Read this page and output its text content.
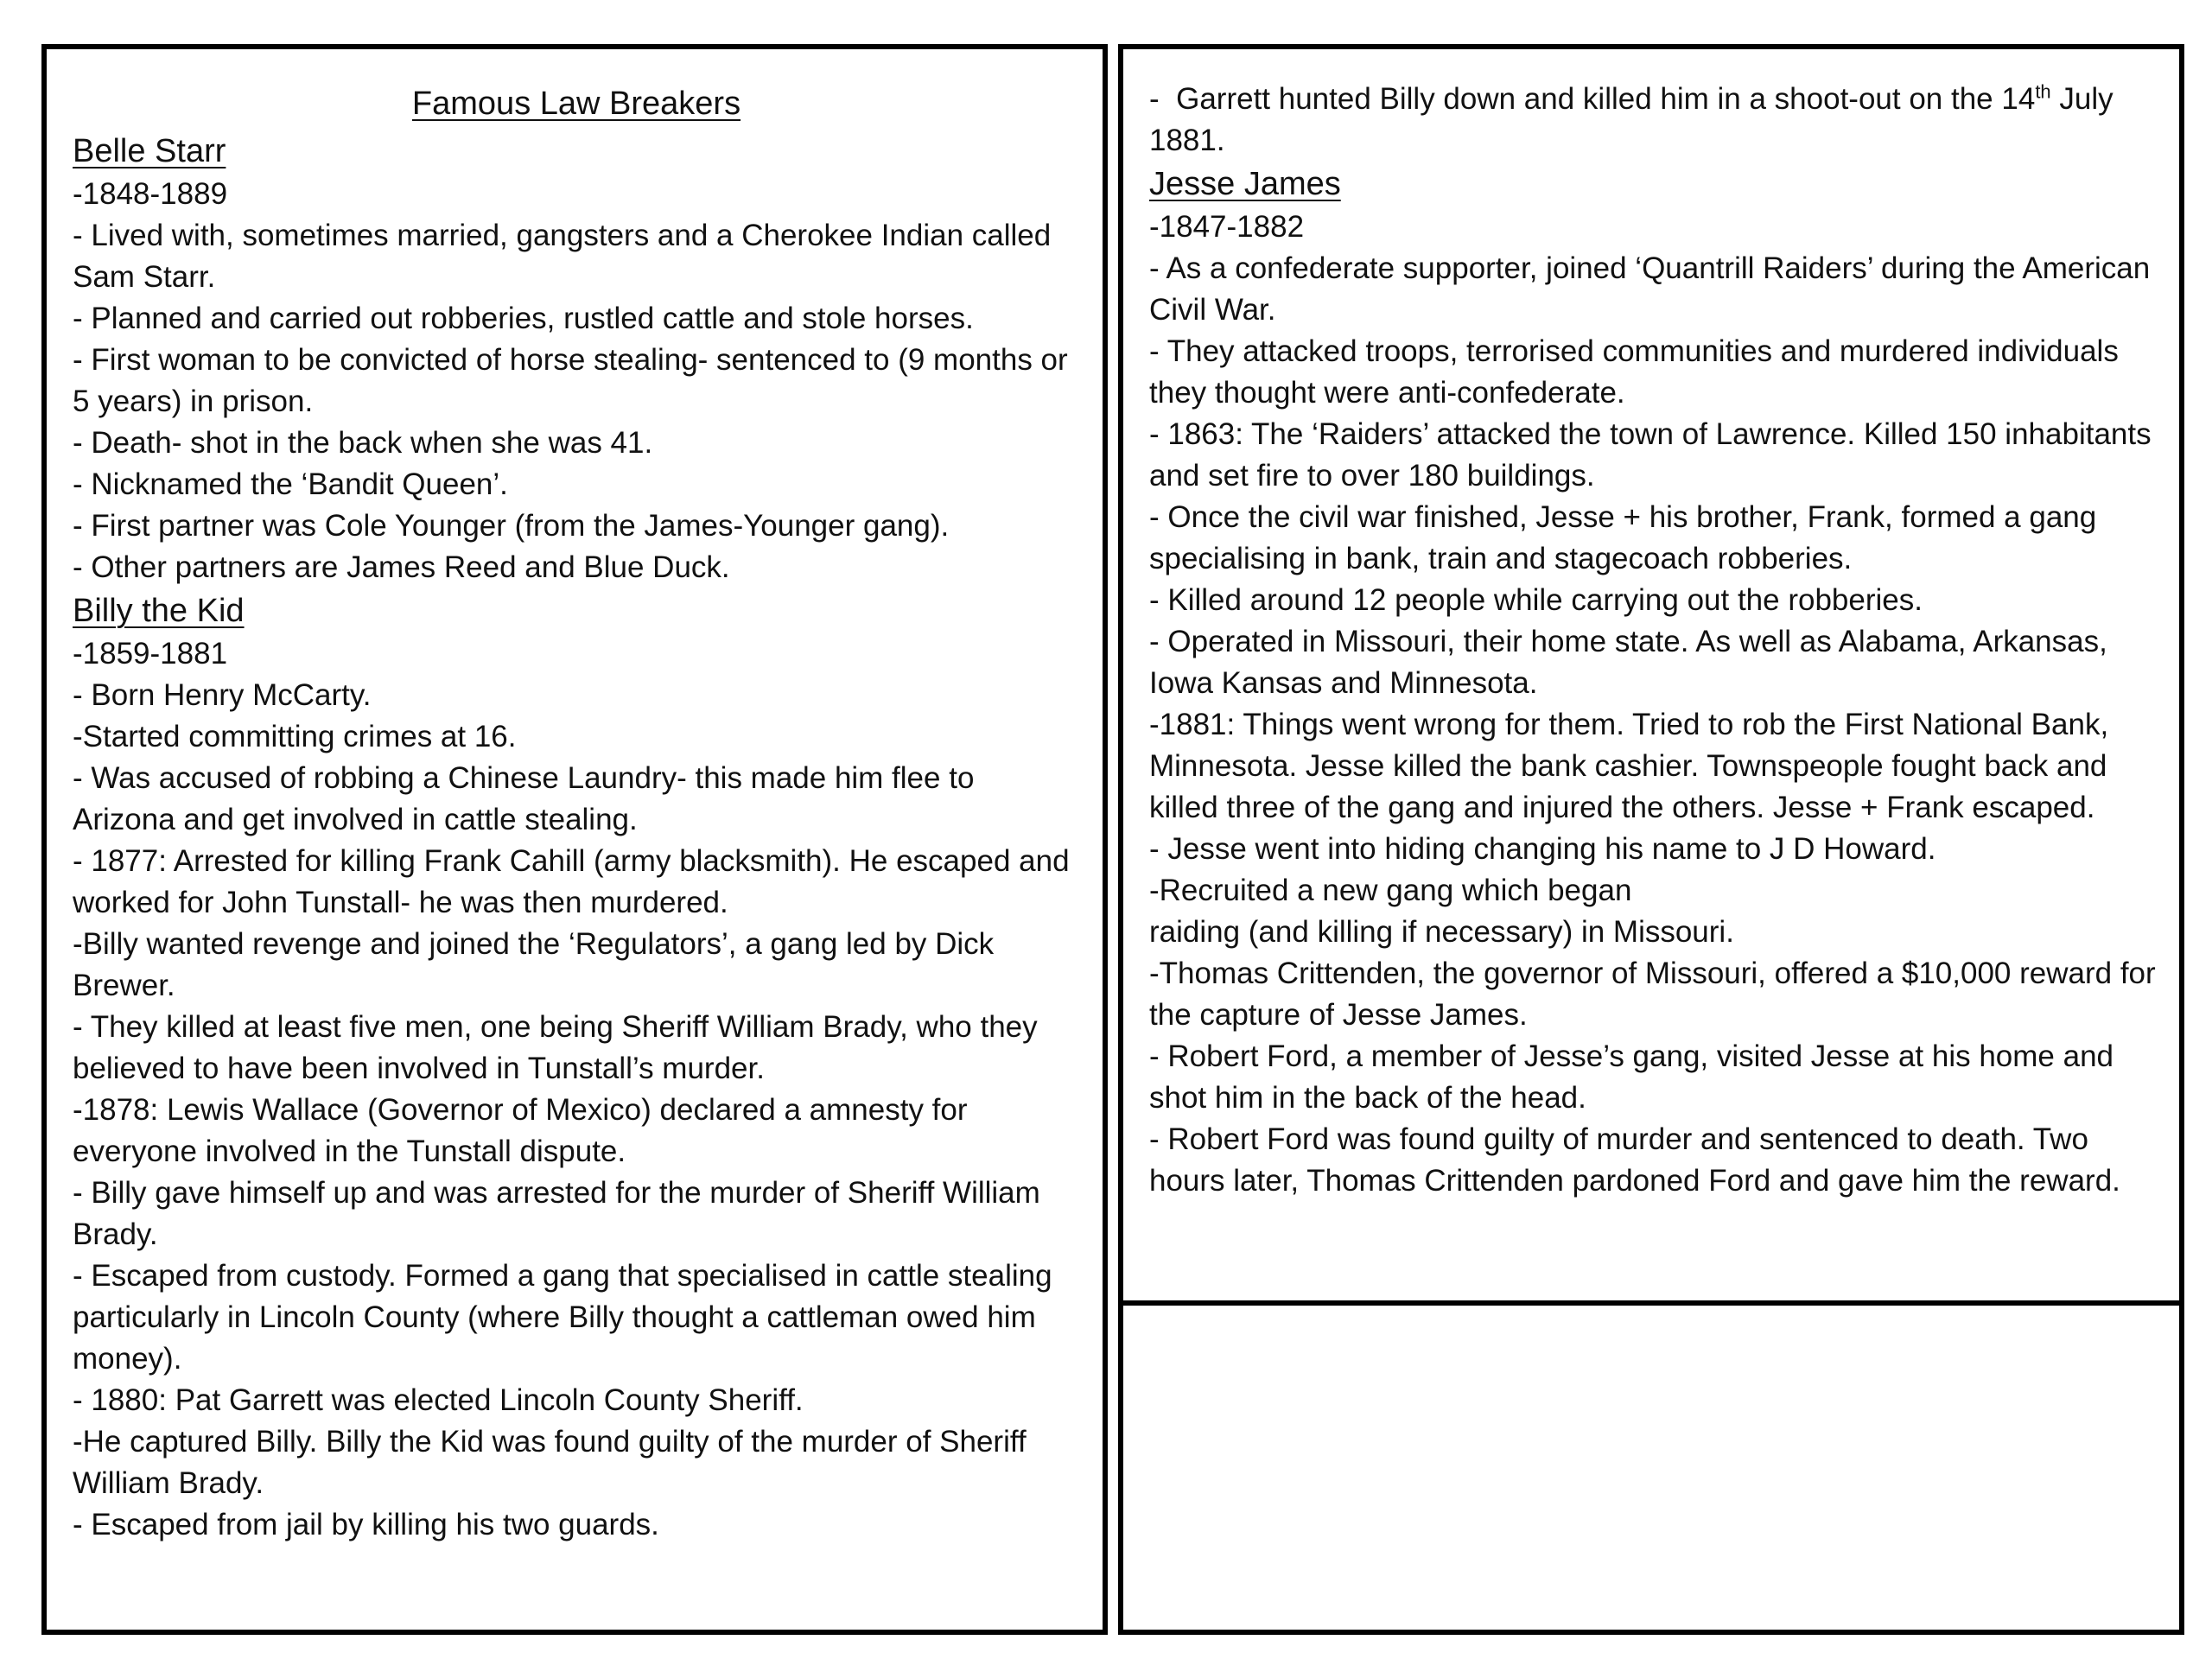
Famous Law Breakers
Belle Starr

-1848-1889

- Lived with, sometimes married, gangsters and a Cherokee Indian called Sam Starr.

- Planned and carried out robberies, rustled cattle and stole horses.

- First woman to be convicted of horse stealing- sentenced to (9 months or 5 years) in prison.

- Death- shot in the back when she was 41.

- Nicknamed the ‘Bandit Queen’.

- First partner was Cole Younger (from the James-Younger gang).

- Other partners are James Reed and Blue Duck.

Billy the Kid

-1859-1881

- Born Henry McCarty.

-Started committing crimes at 16.

- Was accused of robbing a Chinese Laundry- this made him flee to Arizona and get involved in cattle stealing.

- 1877: Arrested for killing Frank Cahill (army blacksmith). He escaped and worked for John Tunstall- he was then murdered.

-Billy wanted revenge and joined the ‘Regulators’, a gang led by Dick Brewer.

- They killed at least five men, one being Sheriff William Brady, who they believed to have been involved in Tunstall’s murder.

-1878: Lewis Wallace (Governor of Mexico) declared a amnesty for everyone involved in the Tunstall dispute.

- Billy gave himself up and was arrested for the murder of Sheriff William Brady.

- Escaped from custody. Formed a gang that specialised in cattle stealing particularly in Lincoln County (where Billy thought a cattleman owed him money).

- 1880: Pat Garrett was elected Lincoln County Sheriff.

-He captured Billy. Billy the Kid was found guilty of the murder of Sheriff William Brady.

- Escaped from jail by killing his two guards.

-  Garrett hunted Billy down and killed him in a shoot-out on the 14th July 1881.

Jesse James

-1847-1882

- As a confederate supporter, joined ‘Quantrill Raiders’ during the American Civil War.

- They attacked troops, terrorised communities and murdered individuals they thought were anti-confederate.

- 1863: The ‘Raiders’ attacked the town of Lawrence. Killed 150 inhabitants and set fire to over 180 buildings.

- Once the civil war finished, Jesse + his brother, Frank, formed a gang specialising in bank, train and stagecoach robberies.

- Killed around 12 people while carrying out the robberies.

- Operated in Missouri, their home state. As well as Alabama, Arkansas, Iowa Kansas and Minnesota.

-1881: Things went wrong for them. Tried to rob the First National Bank, Minnesota. Jesse killed the bank cashier. Townspeople fought back and killed three of the gang and injured the others. Jesse + Frank escaped.

- Jesse went into hiding changing his name to J D Howard.

-Recruited a new gang which began

raiding (and killing if necessary) in Missouri.

-Thomas Crittenden, the governor of Missouri, offered a $10,000 reward for the capture of Jesse James.

- Robert Ford, a member of Jesse’s gang, visited Jesse at his home and shot him in the back of the head.

- Robert Ford was found guilty of murder and sentenced to death. Two hours later, Thomas Crittenden pardoned Ford and gave him the reward.
